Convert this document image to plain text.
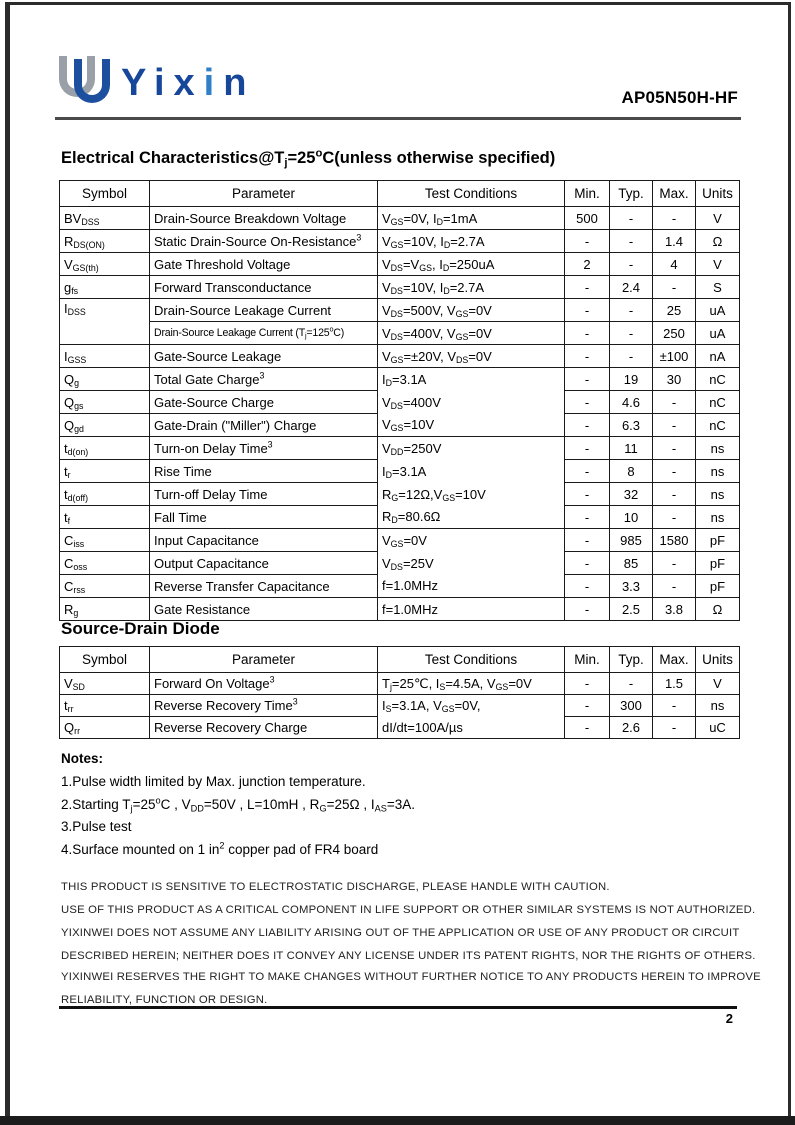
Yixin	AP05N50H-HF
Electrical $Characteristics@T_j=25^oC(unless$ otherwise specified)
Symbol	Parameter	Test Conditions	Min.	Typ.	Max.	Units
$BV_{DSS}$	Drain-Source Breakdown Voltage	$V_{GS}=0V$, $I_D=1mA$	500	-	-	V
$R_{DS(ON)}$	Static Drain-Source On-Resistance$^3$	$V_{GS}=10V$, $I_D=2.7A$	-	-	1.4	Ω
$V_{GS(th)}$	Gate Threshold Voltage	$V_{DS}=V_{GS}$, $I_D=250uA$	2	-	4	V
$g_{fs}$	Forward Transconductance	$V_{DS}=10V$, $I_D=2.7A$	-	2.4	-	S
$I_{DSS}$	Drain-Source Leakage Current	$V_{DS}=500V$, $V_{GS}=0V$	-	-	25	uA
	Drain-Source Leakage Current $(T_j=125^oC)$	$V_{DS}=400V$, $V_{GS}=0V$	-	-	250	uA
$I_{GSS}$	Gate-Source Leakage	$V_{GS}=\pm 20V$, $V_{DS}=0V$	-	-	±100	nA
$Q_g$	Total Gate Charge$^3$	$I_D=3.1A$	-	19	30	nC
$Q_{gs}$	Gate-Source Charge	$V_{DS}=400V$	-	4.6	-	nC
$Q_{gd}$	Gate-Drain ("Miller") Charge	$V_{GS}=10V$	-	6.3	-	nC
$t_{d(on)}$	Turn-on Delay Time$^3$	$V_{DD}=250V$	-	11	-	ns
$t_r$	Rise Time	$I_D=3.1A$	-	8	-	ns
$t_{d(off)}$	Turn-off Delay Time	$R_G=12\Omega,V_{GS}=10V$	-	32	-	ns
$t_f$	Fall Time	$R_D=80.6\Omega$	-	10	-	ns
$C_{iss}$	Input Capacitance	$V_{GS}=0V$	-	985	1580	pF
$C_{oss}$	Output Capacitance	$V_{DS}=25V$	-	85	-	pF
$C_{rss}$	Reverse Transfer Capacitance	f=1.0MHz	-	3.3	-	pF
$R_g$	Gate Resistance	f=1.0MHz	-	2.5	3.8	Ω
Source-Drain Diode
Symbol	Parameter	Test Conditions	Min.	Typ.	Max.	Units
$V_{SD}$	Forward On Voltage$^3$	$T_j=25℃$, $I_S=4.5A$, $V_{GS}=0V$	-	-	1.5	V
$t_{rr}$	Reverse Recovery Time$^3$	$I_S=3.1A$, $V_{GS}=0V$,	-	300	-	ns
$Q_{rr}$	Reverse Recovery Charge	dI/dt=100A/µs	-	2.6	-	uC
Notes:
1.Pulse width limited by Max. junction temperature.
2.Starting $T_j=25^oC$ , $V_{DD}=50V$ , L=10mH , $R_G=25\Omega$ , $I_{AS}=3A$.
3.Pulse test
4.Surface mounted on 1 $in^2$ copper pad of FR4 board
THIS PRODUCT IS SENSITIVE TO ELECTROSTATIC DISCHARGE, PLEASE HANDLE WITH CAUTION.
USE OF THIS PRODUCT AS A CRITICAL COMPONENT IN LIFE SUPPORT OR OTHER SIMILAR SYSTEMS IS NOT AUTHORIZED.
YIXINWEI DOES NOT ASSUME ANY LIABILITY ARISING OUT OF THE APPLICATION OR USE OF ANY PRODUCT OR CIRCUIT
DESCRIBED HEREIN; NEITHER DOES IT CONVEY ANY LICENSE UNDER ITS PATENT RIGHTS, NOR THE RIGHTS OF OTHERS.
YIXINWEI RESERVES THE RIGHT TO MAKE CHANGES WITHOUT FURTHER NOTICE TO ANY PRODUCTS HEREIN TO IMPROVE
RELIABILITY, FUNCTION OR DESIGN.
2
